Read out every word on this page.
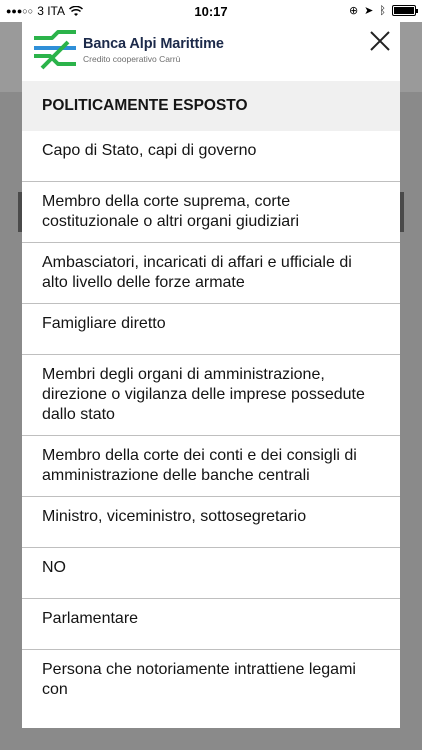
●●●○○ 3 ITA	10:17	⊕ ➤ ᛒ
Banca Alpi Marittime
Credito cooperativo Carrù
POLITICAMENTE ESPOSTO
Capo di Stato, capi di governo
Membro della corte suprema, corte costituzionale o altri organi giudiziari
Ambasciatori, incaricati di affari e ufficiale di alto livello delle forze armate
Famigliare diretto
Membri degli organi di amministrazione, direzione o vigilanza delle imprese possedute dallo stato
Membro della corte dei conti e dei consigli di amministrazione delle banche centrali
Ministro, viceministro, sottosegretario
NO
Parlamentare
Persona che notoriamente intrattiene legami con
